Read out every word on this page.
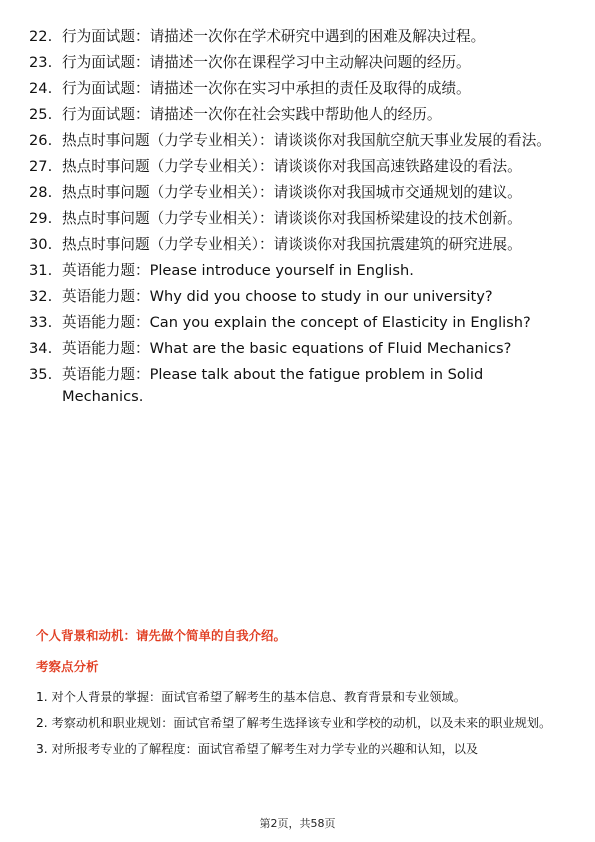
22. 行为面试题：请描述一次你在学术研究中遇到的困难及解决过程。
23. 行为面试题：请描述一次你在课程学习中主动解决问题的经历。
24. 行为面试题：请描述一次你在实习中承担的责任及取得的成绩。
25. 行为面试题：请描述一次你在社会实践中帮助他人的经历。
26. 热点时事问题（力学专业相关）：请谈谈你对我国航空航天事业发展的看法。
27. 热点时事问题（力学专业相关）：请谈谈你对我国高速铁路建设的看法。
28. 热点时事问题（力学专业相关）：请谈谈你对我国城市交通规划的建议。
29. 热点时事问题（力学专业相关）：请谈谈你对我国桥梁建设的技术创新。
30. 热点时事问题（力学专业相关）：请谈谈你对我国抗震建筑的研究进展。
31. 英语能力题：Please introduce yourself in English.
32. 英语能力题：Why did you choose to study in our university?
33. 英语能力题：Can you explain the concept of Elasticity in English?
34. 英语能力题：What are the basic equations of Fluid Mechanics?
35. 英语能力题：Please talk about the fatigue problem in Solid Mechanics.
个人背景和动机：请先做个简单的自我介绍。
考察点分析

1. 对个人背景的掌握：面试官希望了解考生的基本信息、教育背景和专业领域。

2. 考察动机和职业规划：面试官希望了解考生选择该专业和学校的动机，以及未来的职业规划。

3. 对所报考专业的了解程度：面试官希望了解考生对力学专业的兴趣和认知，以及

第2页，共58页
